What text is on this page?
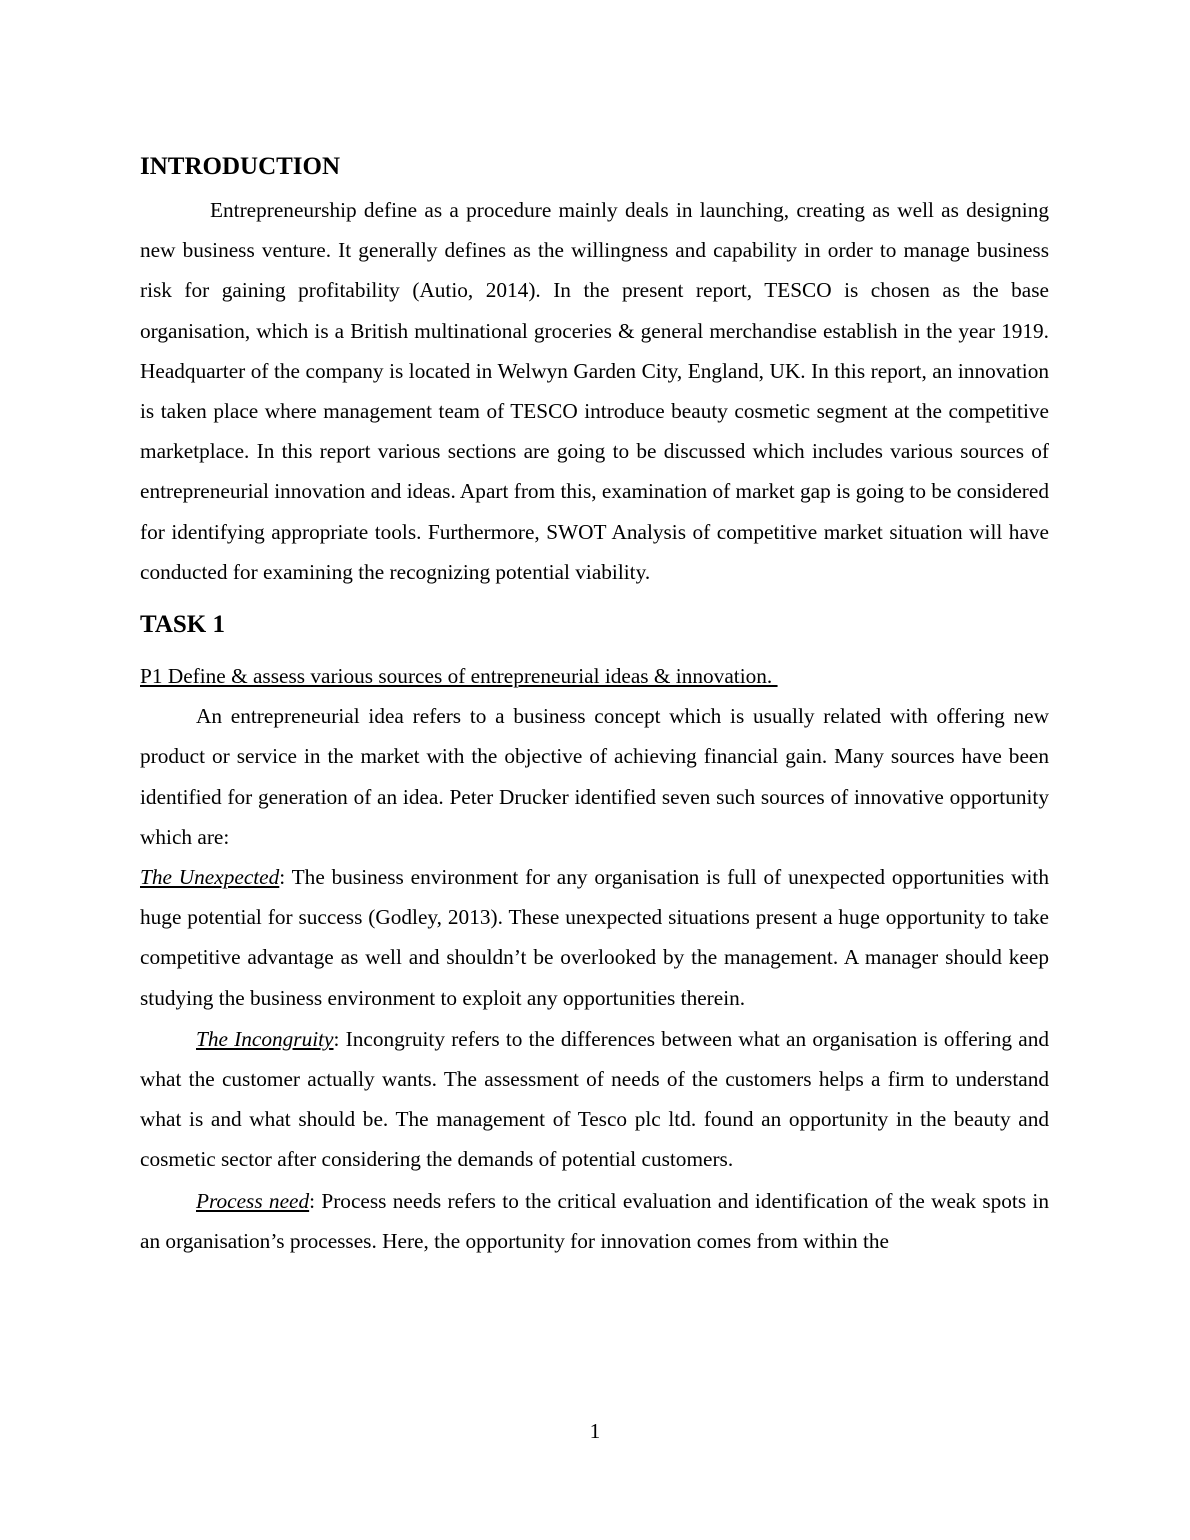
INTRODUCTION

Entrepreneurship define as a procedure mainly deals in launching, creating as well as designing new business venture. It generally defines as the willingness and capability in order to manage business risk for gaining profitability (Autio, 2014). In the present report, TESCO is chosen as the base organisation, which is a British multinational groceries & general merchandise establish in the year 1919. Headquarter of the company is located in Welwyn Garden City, England, UK. In this report, an innovation is taken place where management team of TESCO introduce beauty cosmetic segment at the competitive marketplace. In this report various sections are going to be discussed which includes various sources of entrepreneurial innovation and ideas. Apart from this, examination of market gap is going to be considered for identifying appropriate tools. Furthermore, SWOT Analysis of competitive market situation will have conducted for examining the recognizing potential viability.

TASK 1

P1 Define & assess various sources of entrepreneurial ideas & innovation.

An entrepreneurial idea refers to a business concept which is usually related with offering new product or service in the market with the objective of achieving financial gain. Many sources have been identified for generation of an idea. Peter Drucker identified seven such sources of innovative opportunity which are:

The Unexpected: The business environment for any organisation is full of unexpected opportunities with huge potential for success (Godley, 2013). These unexpected situations present a huge opportunity to take competitive advantage as well and shouldn’t be overlooked by the management. A manager should keep studying the business environment to exploit any opportunities therein.

The Incongruity: Incongruity refers to the differences between what an organisation is offering and what the customer actually wants. The assessment of needs of the customers helps a firm to understand what is and what should be. The management of Tesco plc ltd. found an opportunity in the beauty and cosmetic sector after considering the demands of potential customers.

Process need: Process needs refers to the critical evaluation and identification of the weak spots in an organisation’s processes. Here, the opportunity for innovation comes from within the

1
